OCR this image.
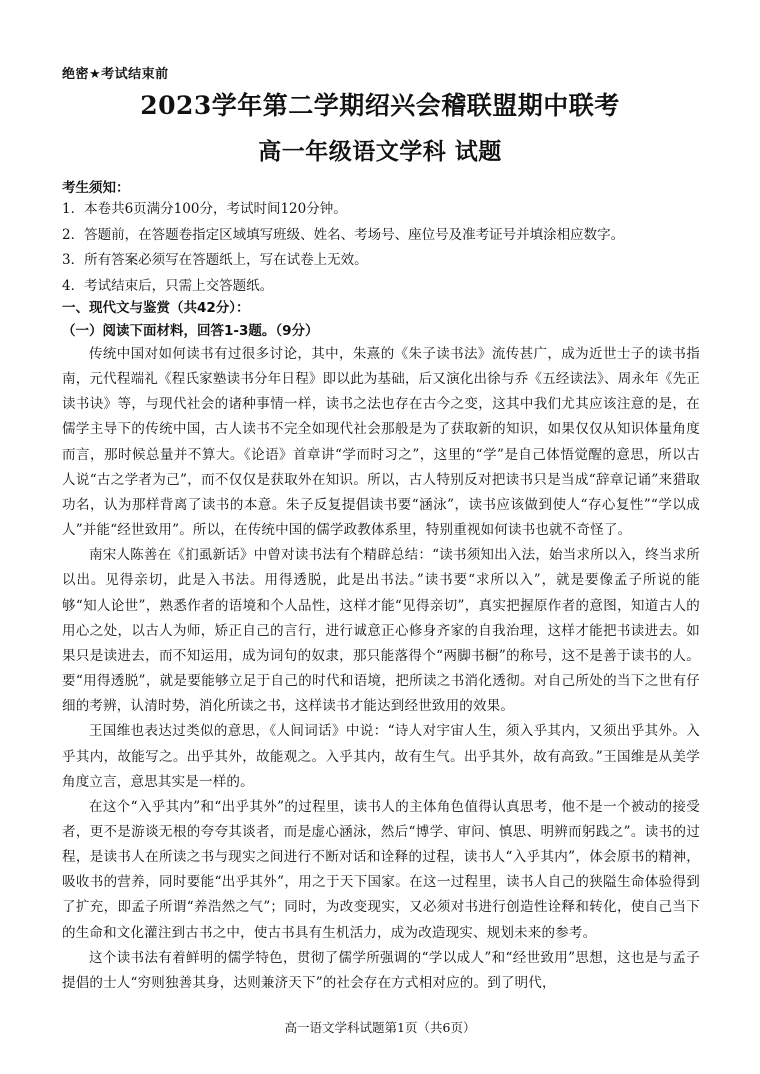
绝密★考试结束前
2023学年第二学期绍兴会稽联盟期中联考
高一年级语文学科 试题
考生须知：
1．本卷共6页满分100分，考试时间120分钟。
2．答题前，在答题卷指定区域填写班级、姓名、考场号、座位号及准考证号并填涂相应数字。
3．所有答案必须写在答题纸上，写在试卷上无效。
4．考试结束后，只需上交答题纸。
一、现代文与鉴赏（共42分）：
（一）阅读下面材料，回答1-3题。（9分）

传统中国对如何读书有过很多讨论，其中，朱熹的《朱子读书法》流传甚广，成为近世士子的读书指南，元代程端礼《程氏家塾读书分年日程》即以此为基础，后又演化出徐与乔《五经读法》、周永年《先正读书诀》等，与现代社会的诸种事情一样，读书之法也存在古今之变，这其中我们尤其应该注意的是，在儒学主导下的传统中国，古人读书不完全如现代社会那般是为了获取新的知识，如果仅仅从知识体量角度而言，那时候总量并不算大。《论语》首章讲“学而时习之”，这里的“学”是自己体悟觉醒的意思，所以古人说“古之学者为己”，而不仅仅是获取外在知识。所以，古人特别反对把读书只是当成“辞章记诵”来猎取功名，认为那样背离了读书的本意。朱子反复提倡读书要“涵泳”，读书应该做到使人“存心复性”“学以成人”并能“经世致用”。所以，在传统中国的儒学政教体系里，特别重视如何读书也就不奇怪了。

南宋人陈善在《扪虱新话》中曾对读书法有个精辟总结：“读书须知出入法，始当求所以入，终当求所以出。见得亲切，此是入书法。用得透脱，此是出书法。”读书要“求所以入”，就是要像孟子所说的能够“知人论世”，熟悉作者的语境和个人品性，这样才能“见得亲切”，真实把握原作者的意图，知道古人的用心之处，以古人为师，矫正自己的言行，进行诚意正心修身齐家的自我治理，这样才能把书读进去。如果只是读进去，而不知运用，成为词句的奴隶，那只能落得个“两脚书橱”的称号，这不是善于读书的人。要“用得透脱”，就是要能够立足于自己的时代和语境，把所读之书消化透彻。对自己所处的当下之世有仔细的考辨，认清时势，消化所读之书，这样读书才能达到经世致用的效果。

王国维也表达过类似的意思，《人间词话》中说：“诗人对宇宙人生，须入乎其内，又须出乎其外。入乎其内，故能写之。出乎其外，故能观之。入乎其内，故有生气。出乎其外，故有高致。”王国维是从美学角度立言，意思其实是一样的。

在这个“入乎其内”和“出乎其外”的过程里，读书人的主体角色值得认真思考，他不是一个被动的接受者，更不是游谈无根的夸夸其谈者，而是虚心涵泳，然后“博学、审问、慎思、明辨而躬践之”。读书的过程，是读书人在所读之书与现实之间进行不断对话和诠释的过程，读书人“入乎其内”，体会原书的精神，吸收书的营养，同时要能“出乎其外”，用之于天下国家。在这一过程里，读书人自己的狭隘生命体验得到了扩充，即孟子所谓“养浩然之气”；同时，为改变现实，又必须对书进行创造性诠释和转化，使自己当下的生命和文化灌注到古书之中，使古书具有生机活力，成为改造现实、规划未来的参考。

这个读书法有着鲜明的儒学特色，贯彻了儒学所强调的“学以成人”和“经世致用”思想，这也是与孟子提倡的士人“穷则独善其身，达则兼济天下”的社会存在方式相对应的。到了明代，

高一语文学科试题第1页（共6页）
